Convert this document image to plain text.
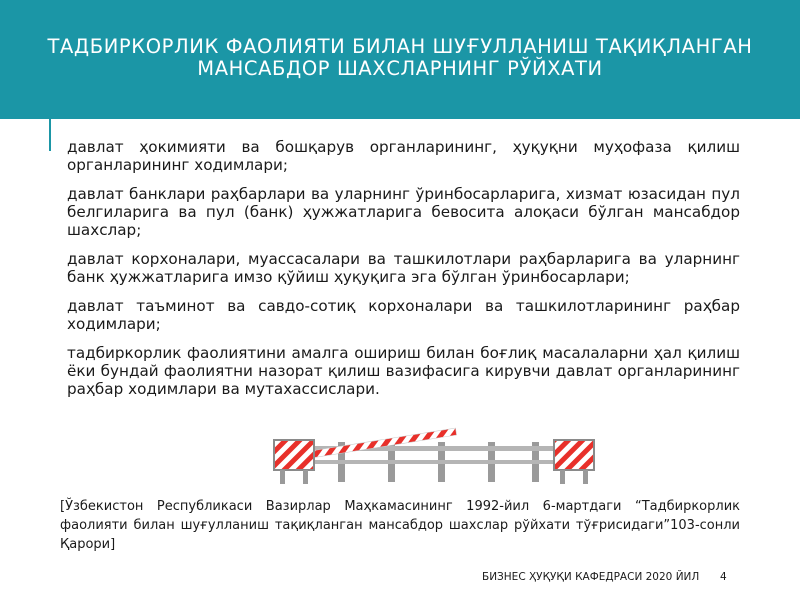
ТАДБИРКОРЛИК ФАОЛИЯТИ БИЛАН ШУҒУЛЛАНИШ ТАҚИҚЛАНГАН
МАНСАБДОР ШАХСЛАРНИНГ РЎЙХАТИ

давлат ҳокимияти ва бошқарув органларининг, ҳуқуқни муҳофаза қилиш органларининг ходимлари;

давлат банклари раҳбарлари ва уларнинг ўринбосарларига, хизмат юзасидан пул белгиларига ва пул (банк) ҳужжатларига бевосита алоқаси бўлган мансабдор шахслар;

давлат корхоналари, муассасалари ва ташкилотлари раҳбарларига ва уларнинг банк ҳужжатларига имзо қўйиш ҳуқуқига эга бўлган ўринбосарлари;

давлат таъминот ва савдо-сотиқ корхоналари ва ташкилотларининг раҳбар ходимлари;

тадбиркорлик фаолиятини амалга ошириш билан боғлиқ масалаларни ҳал қилиш ёки бундай фаолиятни назорат қилиш вазифасига кирувчи давлат органларининг раҳбар ходимлари ва мутахассислари.

[Ўзбекистон Республикаси Вазирлар Маҳкамасининг 1992-йил 6-мартдаги “Тадбиркорлик фаолияти билан шуғулланиш тақиқланган мансабдор шахслар рўйхати тўғрисидаги”103-сонли Қарори]

БИЗНЕС ҲУҚУҚИ КАФЕДРАСИ 2020 ЙИЛ 4
